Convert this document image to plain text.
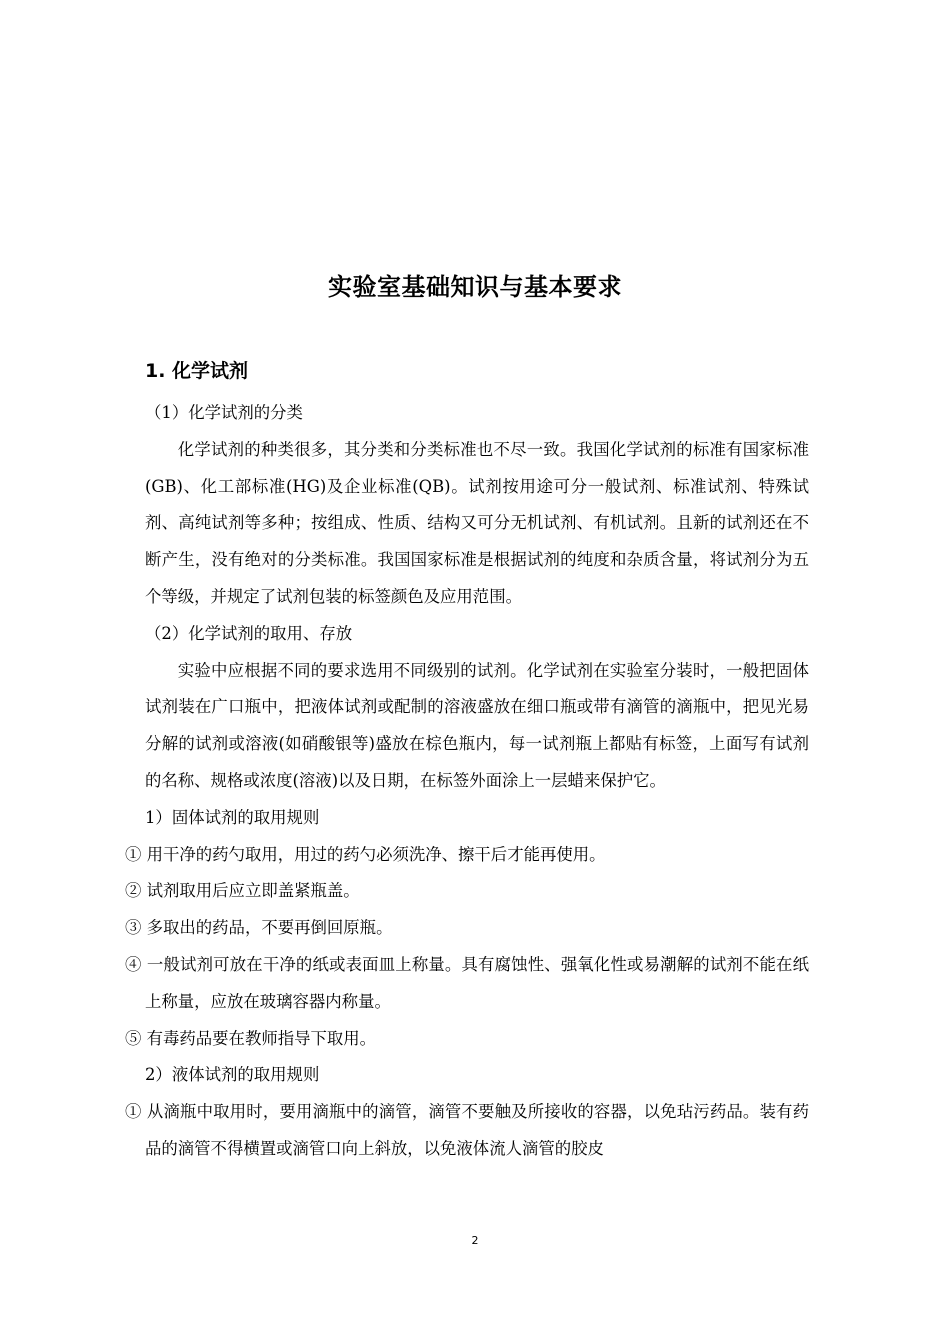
实验室基础知识与基本要求
1. 化学试剂

（1）化学试剂的分类

化学试剂的种类很多，其分类和分类标准也不尽一致。我国化学试剂的标准有国家标准(GB)、化工部标准(HG)及企业标准(QB)。试剂按用途可分一般试剂、标准试剂、特殊试剂、高纯试剂等多种；按组成、性质、结构又可分无机试剂、有机试剂。且新的试剂还在不断产生，没有绝对的分类标准。我国国家标准是根据试剂的纯度和杂质含量，将试剂分为五个等级，并规定了试剂包装的标签颜色及应用范围。

（2）化学试剂的取用、存放

实验中应根据不同的要求选用不同级别的试剂。化学试剂在实验室分装时，一般把固体试剂装在广口瓶中，把液体试剂或配制的溶液盛放在细口瓶或带有滴管的滴瓶中，把见光易分解的试剂或溶液(如硝酸银等)盛放在棕色瓶内，每一试剂瓶上都贴有标签，上面写有试剂的名称、规格或浓度(溶液)以及日期，在标签外面涂上一层蜡来保护它。

1）固体试剂的取用规则

① 用干净的药勺取用，用过的药勺必须洗净、擦干后才能再使用。

② 试剂取用后应立即盖紧瓶盖。

③ 多取出的药品，不要再倒回原瓶。

④ 一般试剂可放在干净的纸或表面皿上称量。具有腐蚀性、强氧化性或易潮解的试剂不能在纸上称量，应放在玻璃容器内称量。

⑤ 有毒药品要在教师指导下取用。

2）液体试剂的取用规则

① 从滴瓶中取用时，要用滴瓶中的滴管，滴管不要触及所接收的容器，以免玷污药品。装有药品的滴管不得横置或滴管口向上斜放，以免液体流人滴管的胶皮

2
